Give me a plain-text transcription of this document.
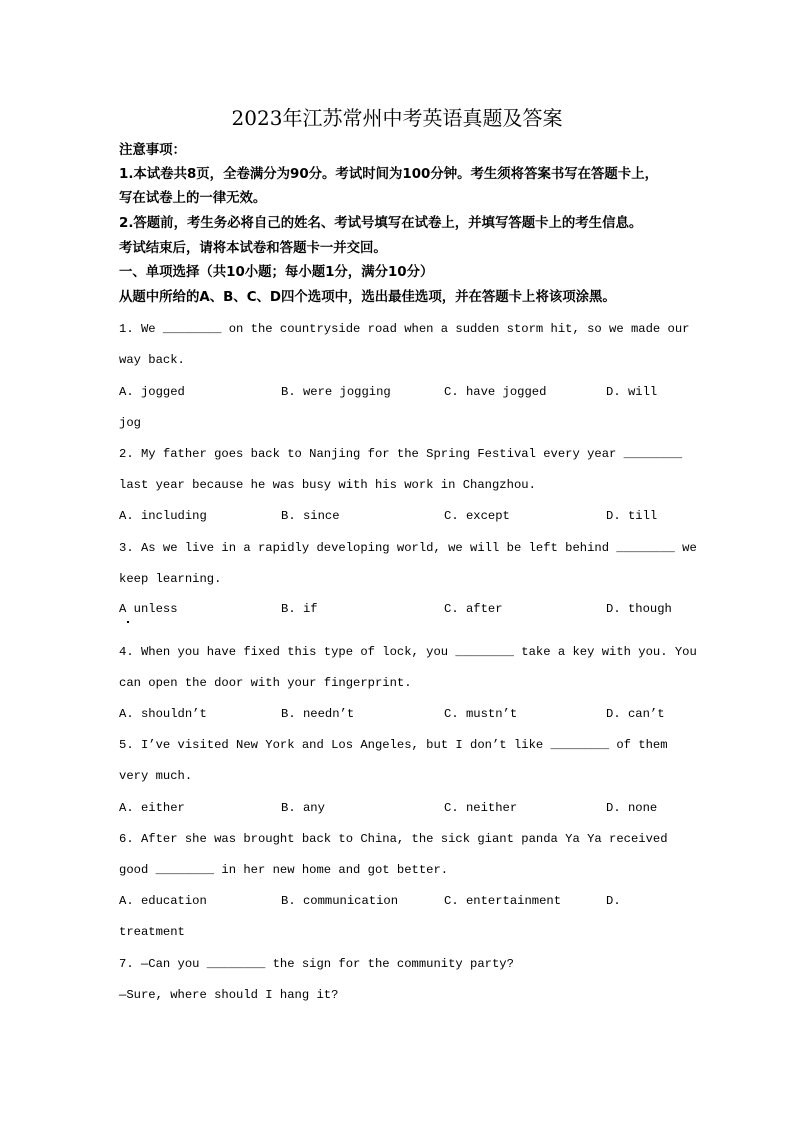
2023年江苏常州中考英语真题及答案
注意事项：
1.本试卷共8页，全卷满分为90分。考试时间为100分钟。考生须将答案书写在答题卡上，
写在试卷上的一律无效。
2.答题前，考生务必将自己的姓名、考试号填写在试卷上，并填写答题卡上的考生信息。
考试结束后，请将本试卷和答题卡一并交回。
一、单项选择（共10小题；每小题1分，满分10分）
从题中所给的A、B、C、D四个选项中，选出最佳选项，并在答题卡上将该项涂黑。
1. We ________ on the countryside road when a sudden storm hit, so we made our
way back.
A. jogged	B. were jogging	C. have jogged	D. will
jog
2. My father goes back to Nanjing for the Spring Festival every year ________
last year because he was busy with his work in Changzhou.
A. including	B. since	C. except	D. till
3. As we live in a rapidly developing world, we will be left behind ________ we
keep learning.
A unless	B. if	C. after	D. though
4. When you have fixed this type of lock, you ________ take a key with you. You
can open the door with your fingerprint.
A. shouldn’t	B. needn’t	C. mustn’t	D. can’t
5. I’ve visited New York and Los Angeles, but I don’t like ________ of them
very much.
A. either	B. any	C. neither	D. none
6. After she was brought back to China, the sick giant panda Ya Ya received
good ________ in her new home and got better.
A. education	B. communication	C. entertainment	D.
treatment
7. —Can you ________ the sign for the community party?
—Sure, where should I hang it?
